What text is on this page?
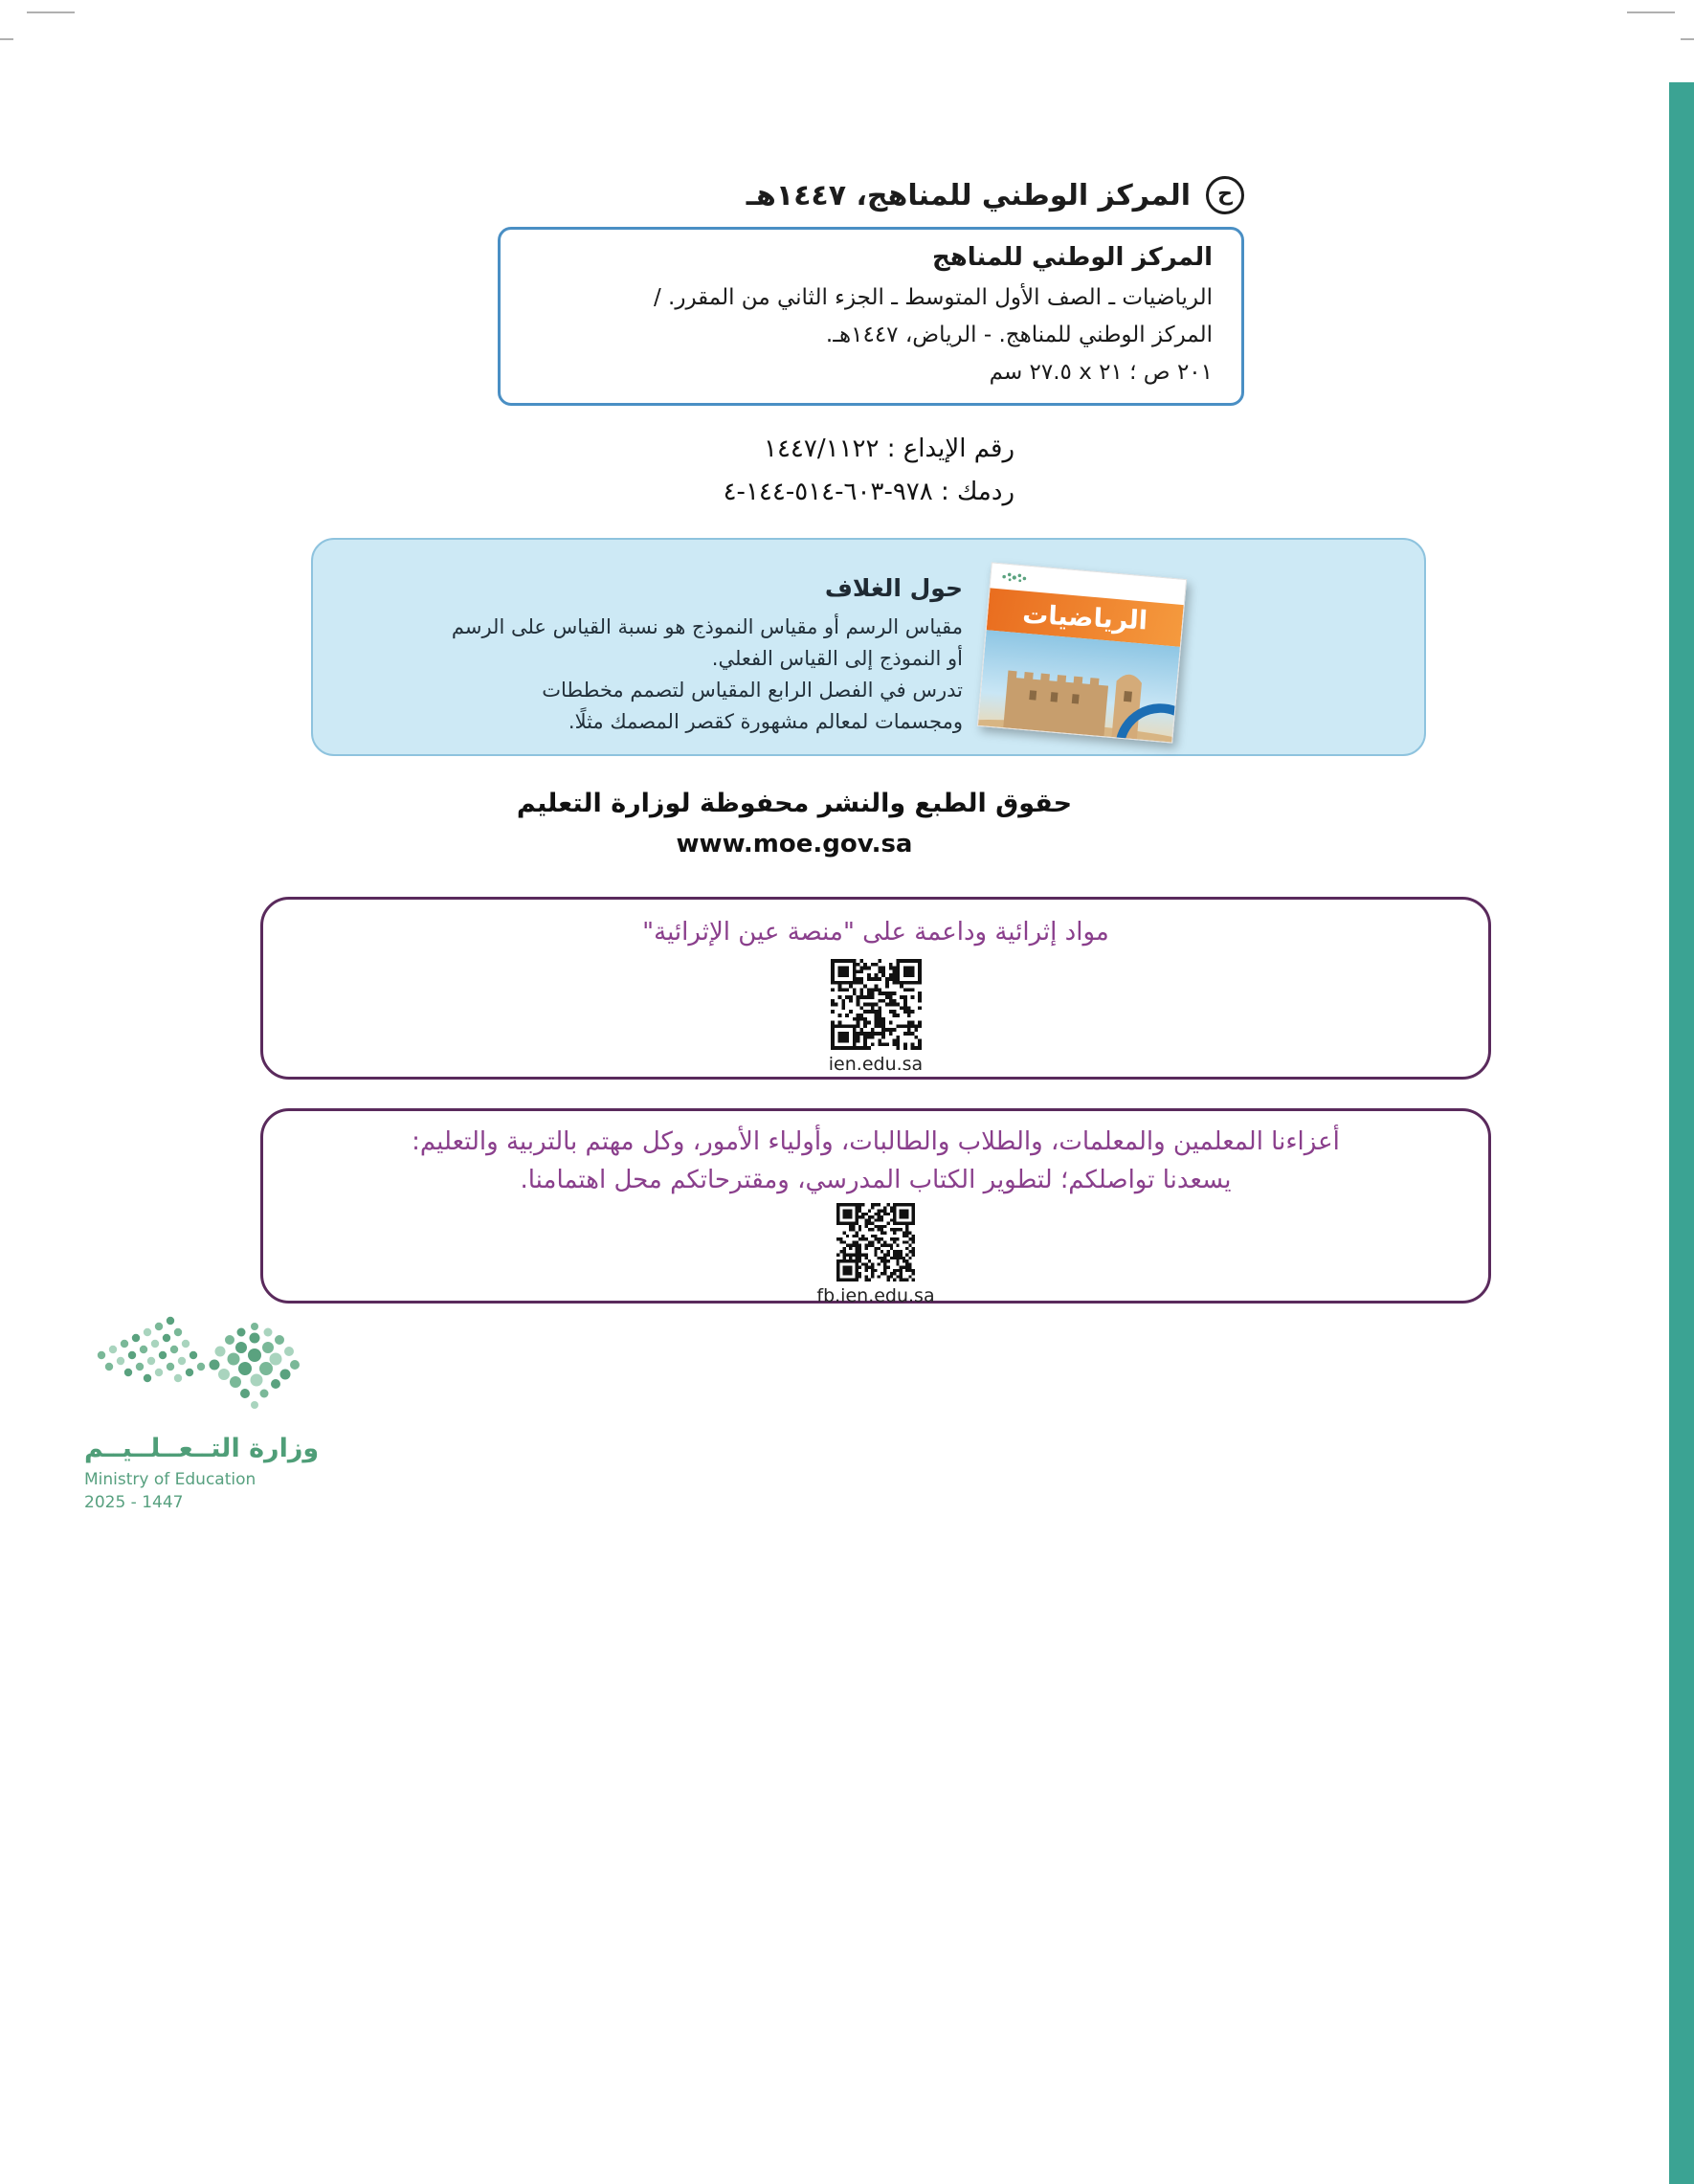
ح
المركز الوطني للمناهج، ١٤٤٧هـ
المركز الوطني للمناهج
الرياضيات ـ الصف الأول المتوسط ـ الجزء الثاني من المقرر. /
المركز الوطني للمناهج. - الرياض، ١٤٤٧هـ.
٢٠١ ص ؛ ٢١ x ٢٧.٥ سم
رقم الإيداع : ١٤٤٧/١١٢٢
ردمك : ٩٧٨-٦٠٣-٥١٤-١٤٤-٤
الرياضيات
حول الغلاف
مقياس الرسم أو مقياس النموذج هو نسبة القياس على الرسم
أو النموذج إلى القياس الفعلي.
تدرس في الفصل الرابع المقياس لتصمم مخططات
ومجسمات لمعالم مشهورة كقصر المصمك مثلًا.
حقوق الطبع والنشر محفوظة لوزارة التعليم
www.moe.gov.sa
مواد إثرائية وداعمة على "منصة عين الإثرائية"
ien.edu.sa
أعزاءنا المعلمين والمعلمات، والطلاب والطالبات، وأولياء الأمور، وكل مهتم بالتربية والتعليم:
يسعدنا تواصلكم؛ لتطوير الكتاب المدرسي، ومقترحاتكم محل اهتمامنا.
fb.ien.edu.sa
وزارة التــعــلــيــم
Ministry of Education
2025 - 1447
